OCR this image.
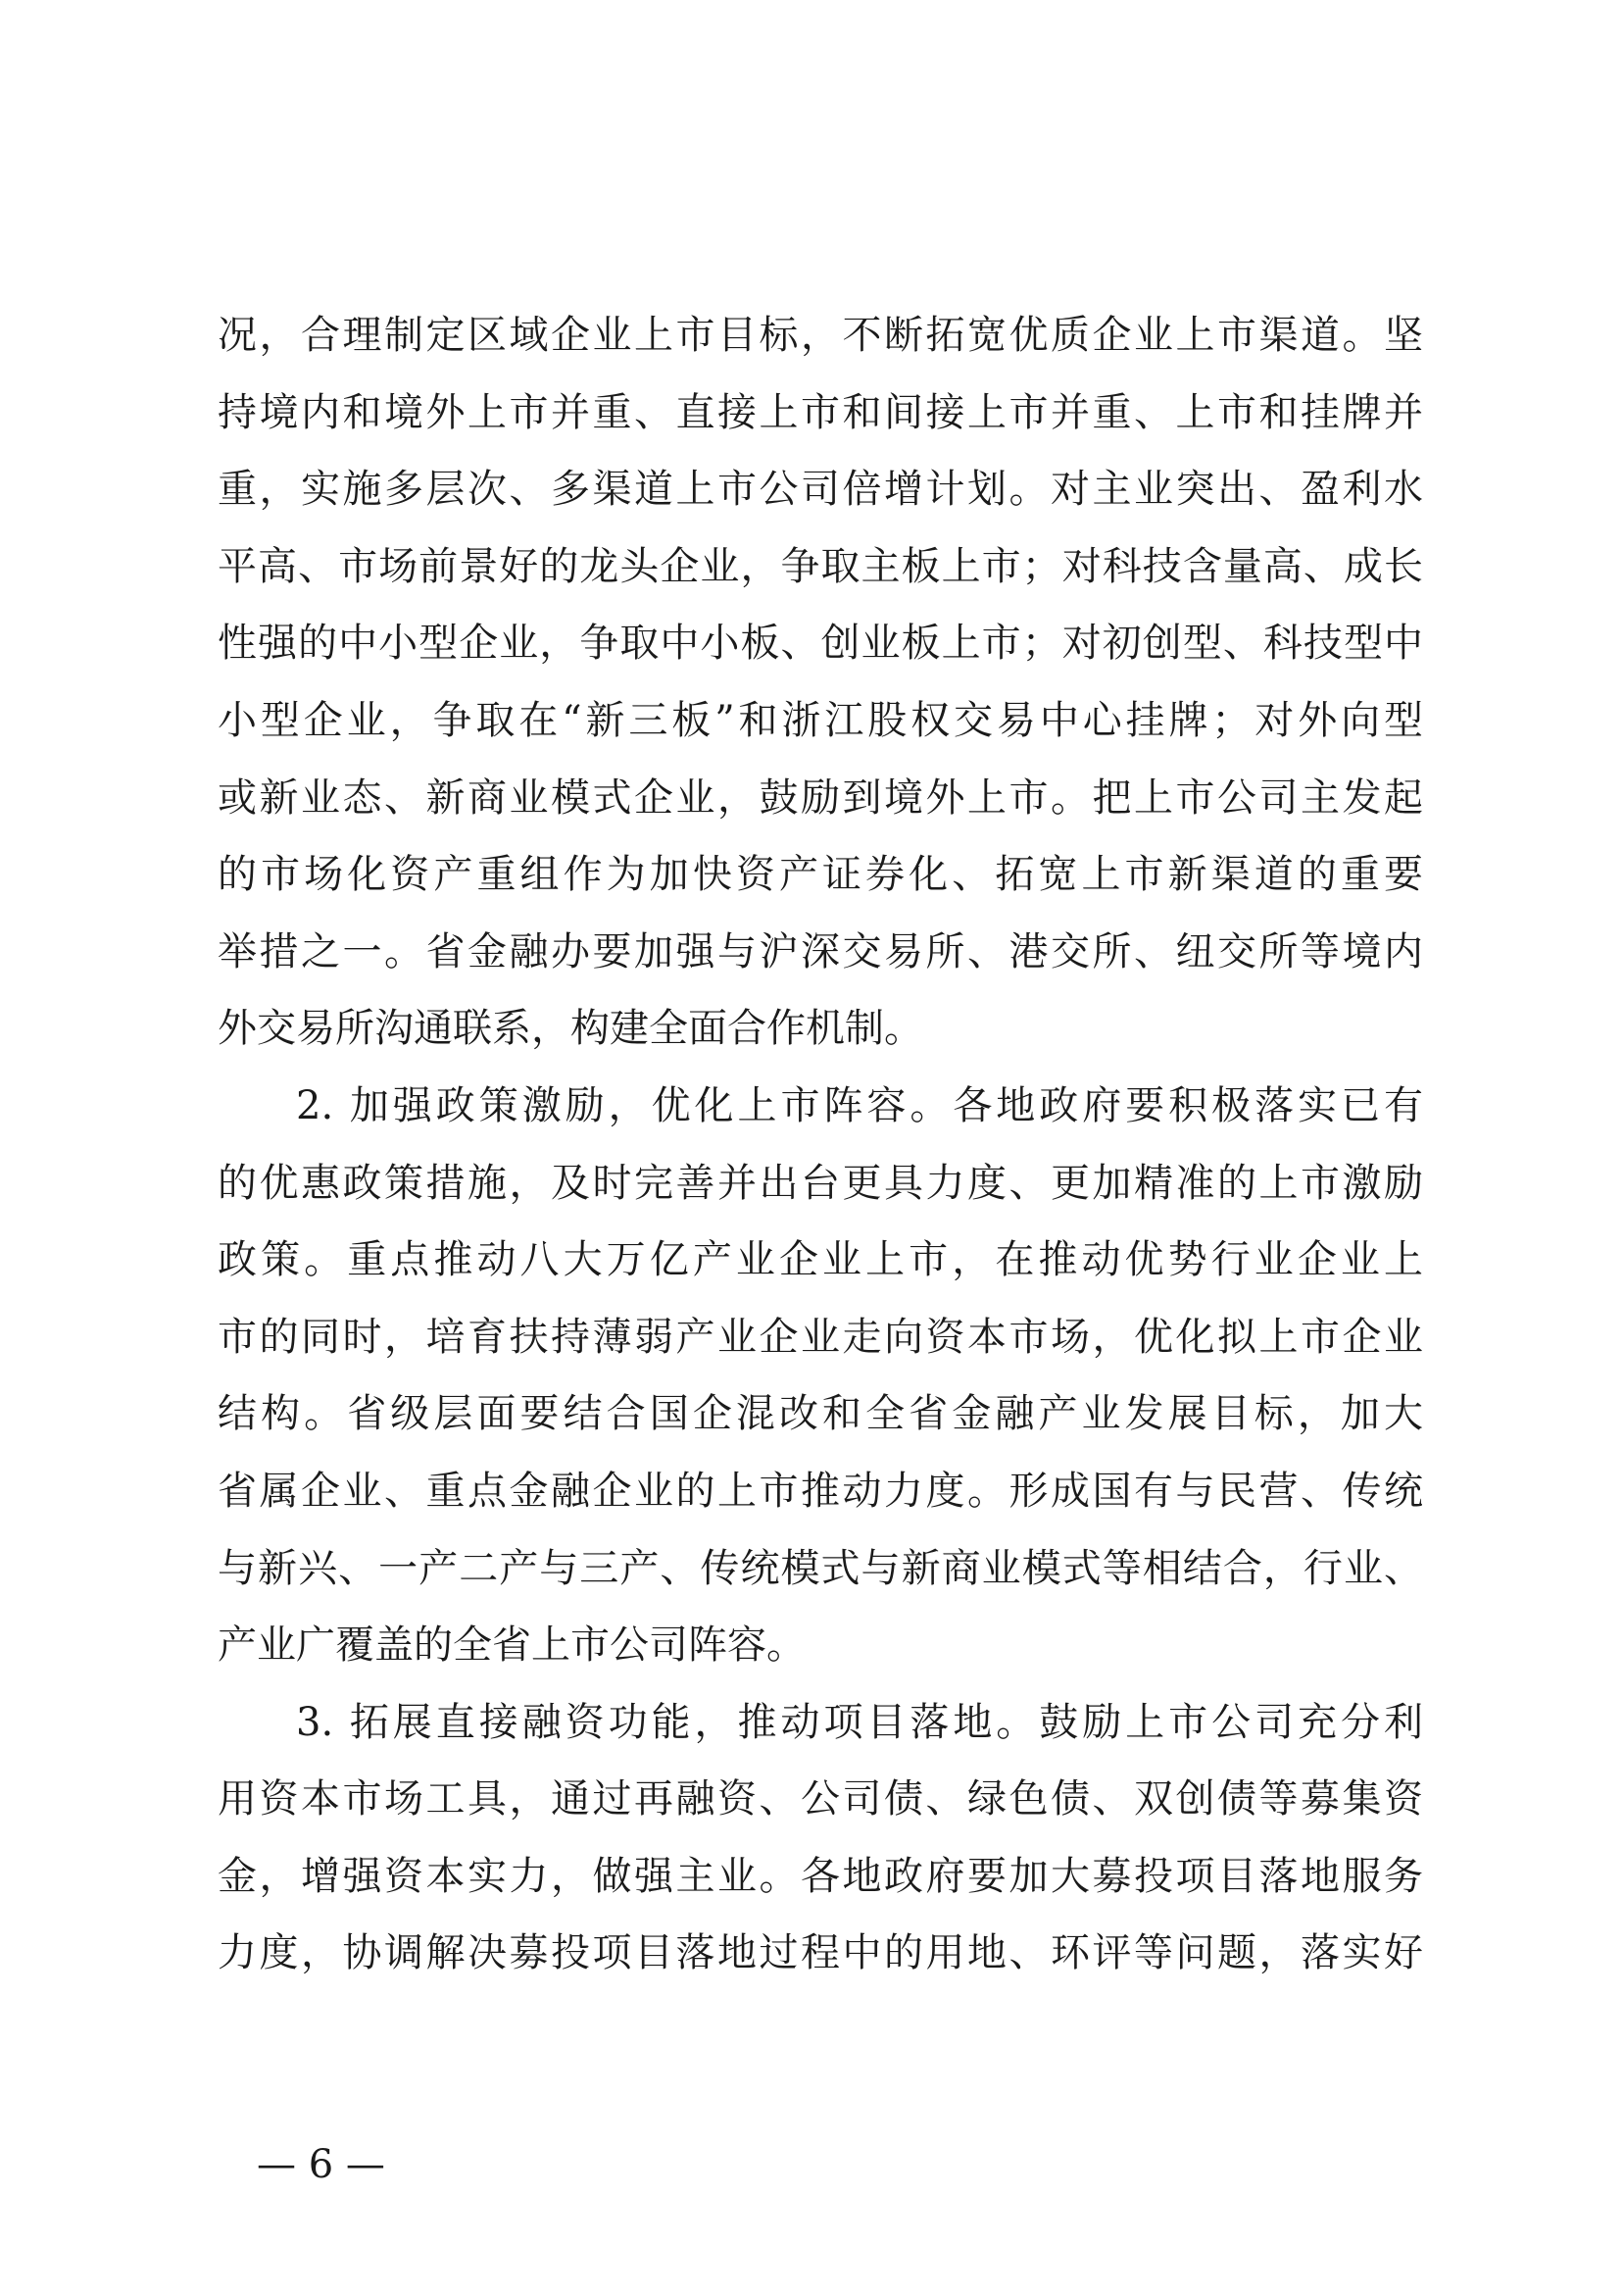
况，合理制定区域企业上市目标，不断拓宽优质企业上市渠道。坚
持境内和境外上市并重、直接上市和间接上市并重、上市和挂牌并
重，实施多层次、多渠道上市公司倍增计划。对主业突出、盈利水
平高、市场前景好的龙头企业，争取主板上市；对科技含量高、成长
性强的中小型企业，争取中小板、创业板上市；对初创型、科技型中
小型企业，争取在“新三板”和浙江股权交易中心挂牌；对外向型
或新业态、新商业模式企业，鼓励到境外上市。把上市公司主发起
的市场化资产重组作为加快资产证券化、拓宽上市新渠道的重要
举措之一。省金融办要加强与沪深交易所、港交所、纽交所等境内
外交易所沟通联系，构建全面合作机制。
2. 加强政策激励，优化上市阵容。各地政府要积极落实已有
的优惠政策措施，及时完善并出台更具力度、更加精准的上市激励
政策。重点推动八大万亿产业企业上市，在推动优势行业企业上
市的同时，培育扶持薄弱产业企业走向资本市场，优化拟上市企业
结构。省级层面要结合国企混改和全省金融产业发展目标，加大
省属企业、重点金融企业的上市推动力度。形成国有与民营、传统
与新兴、一产二产与三产、传统模式与新商业模式等相结合，行业、
产业广覆盖的全省上市公司阵容。
3. 拓展直接融资功能，推动项目落地。鼓励上市公司充分利
用资本市场工具，通过再融资、公司债、绿色债、双创债等募集资
金，增强资本实力，做强主业。各地政府要加大募投项目落地服务
力度，协调解决募投项目落地过程中的用地、环评等问题，落实好
— 6 —
